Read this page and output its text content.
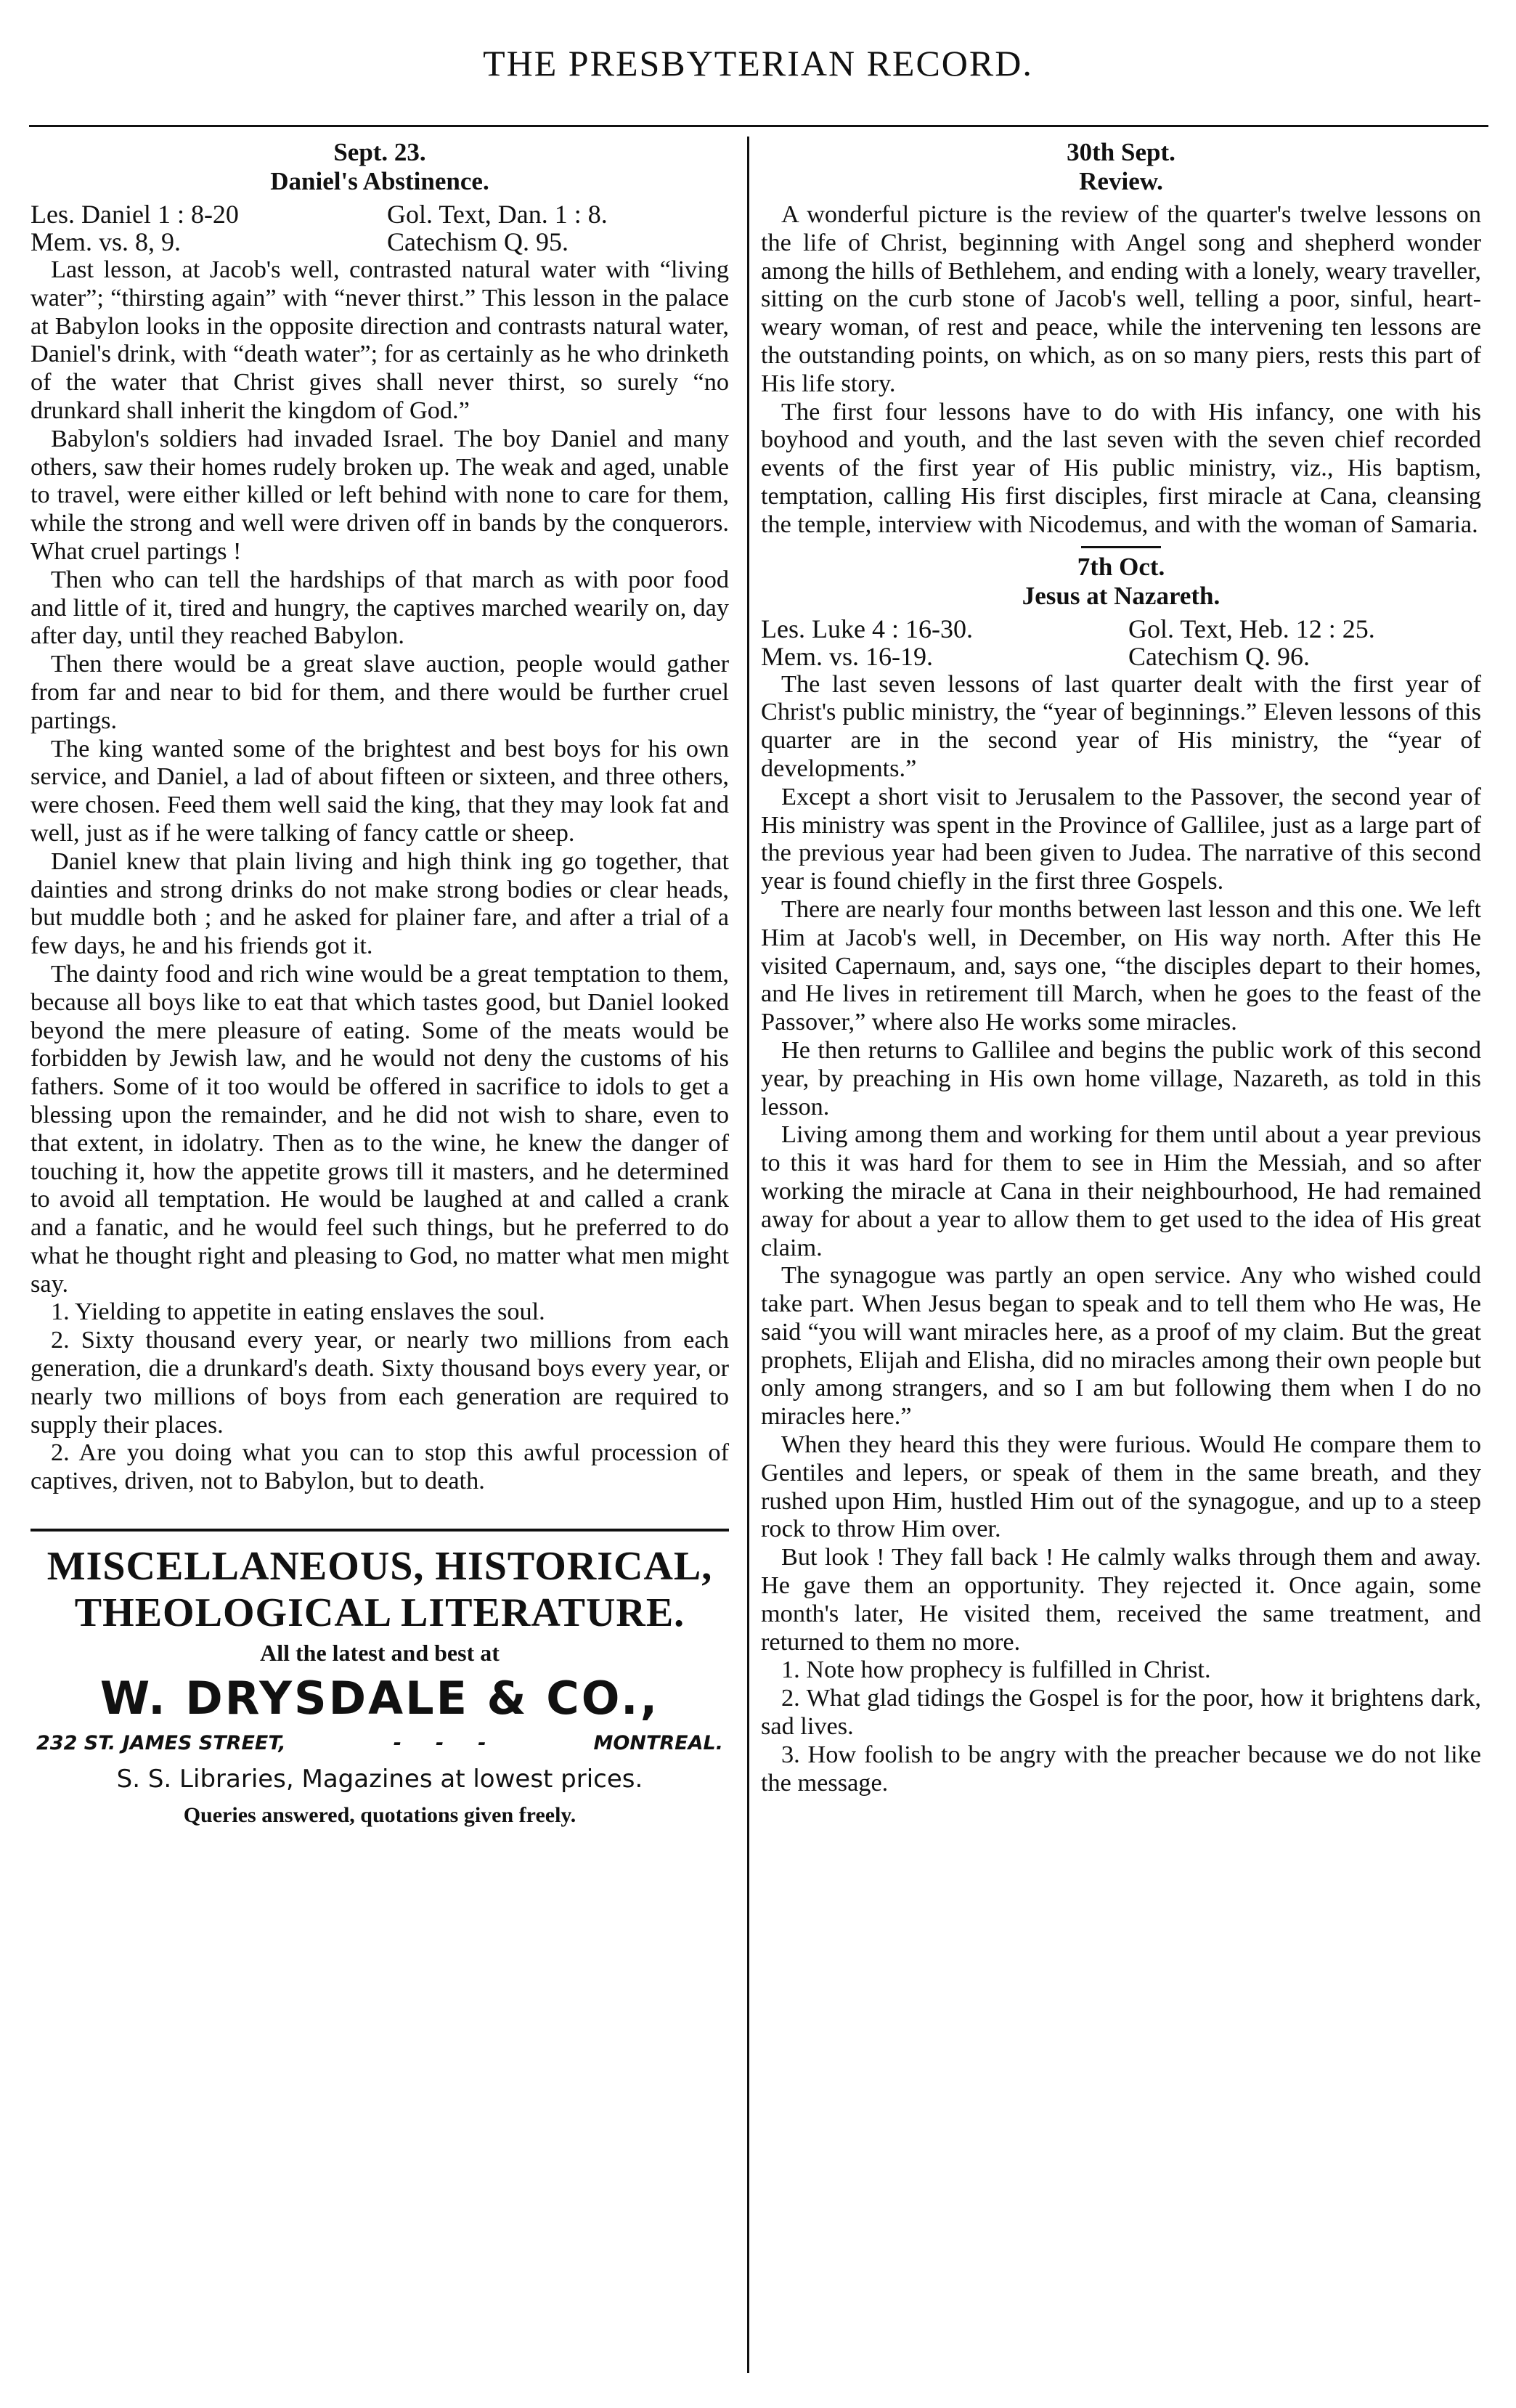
THE PRESBYTERIAN RECORD.
Sept. 23.
Daniel's Abstinence.
Les. Daniel 1 : 8-20	Gol. Text, Dan. 1 : 8.
Mem. vs. 8, 9.	Catechism Q. 95.

Last lesson, at Jacob's well, contrasted natural water with “living water”; “thirsting again” with “never thirst.” This lesson in the palace at Babylon looks in the opposite direction and contrasts natural water, Daniel's drink, with “death water”; for as certainly as he who drinketh of the water that Christ gives shall never thirst, so surely “no drunkard shall inherit the kingdom of God.”

Babylon's soldiers had invaded Israel. The boy Daniel and many others, saw their homes rudely broken up. The weak and aged, unable to travel, were either killed or left behind with none to care for them, while the strong and well were driven off in bands by the conquerors. What cruel partings !

Then who can tell the hardships of that march as with poor food and little of it, tired and hungry, the captives marched wearily on, day after day, until they reached Babylon.

Then there would be a great slave auction, people would gather from far and near to bid for them, and there would be further cruel partings.

The king wanted some of the brightest and best boys for his own service, and Daniel, a lad of about fifteen or sixteen, and three others, were chosen. Feed them well said the king, that they may look fat and well, just as if he were talking of fancy cattle or sheep.

Daniel knew that plain living and high think ing go together, that dainties and strong drinks do not make strong bodies or clear heads, but muddle both ; and he asked for plainer fare, and after a trial of a few days, he and his friends got it.

The dainty food and rich wine would be a great temptation to them, because all boys like to eat that which tastes good, but Daniel looked beyond the mere pleasure of eating. Some of the meats would be forbidden by Jewish law, and he would not deny the customs of his fathers. Some of it too would be offered in sacrifice to idols to get a blessing upon the remainder, and he did not wish to share, even to that extent, in idolatry. Then as to the wine, he knew the danger of touching it, how the appetite grows till it masters, and he determined to avoid all temptation. He would be laughed at and called a crank and a fanatic, and he would feel such things, but he preferred to do what he thought right and pleasing to God, no matter what men might say.

1. Yielding to appetite in eating enslaves the soul.

2. Sixty thousand every year, or nearly two millions from each generation, die a drunkard's death. Sixty thousand boys every year, or nearly two millions of boys from each generation are required to supply their places.

2. Are you doing what you can to stop this awful procession of captives, driven, not to Babylon, but to death.

MISCELLANEOUS, HISTORICAL,
THEOLOGICAL LITERATURE.
All the latest and best at
W. DRYSDALE & CO.,
232 ST. JAMES STREET,	-     -     -	MONTREAL.
S. S. Libraries, Magazines at lowest prices.
Queries answered, quotations given freely.
30th Sept.
Review.

A wonderful picture is the review of the quarter's twelve lessons on the life of Christ, beginning with Angel song and shepherd wonder among the hills of Bethlehem, and ending with a lonely, weary traveller, sitting on the curb stone of Jacob's well, telling a poor, sinful, heart-weary woman, of rest and peace, while the intervening ten lessons are the outstanding points, on which, as on so many piers, rests this part of His life story.

The first four lessons have to do with His infancy, one with his boyhood and youth, and the last seven with the seven chief recorded events of the first year of His public ministry, viz., His baptism, temptation, calling His first disciples, first miracle at Cana, cleansing the temple, interview with Nicodemus, and with the woman of Samaria.

7th Oct.
Jesus at Nazareth.
Les. Luke 4 : 16-30.	Gol. Text, Heb. 12 : 25.
Mem. vs. 16-19.	Catechism Q. 96.

The last seven lessons of last quarter dealt with the first year of Christ's public ministry, the “year of beginnings.” Eleven lessons of this quarter are in the second year of His ministry, the “year of developments.”

Except a short visit to Jerusalem to the Passover, the second year of His ministry was spent in the Province of Gallilee, just as a large part of the previous year had been given to Judea. The narrative of this second year is found chiefly in the first three Gospels.

There are nearly four months between last lesson and this one. We left Him at Jacob's well, in December, on His way north. After this He visited Capernaum, and, says one, “the disciples depart to their homes, and He lives in retirement till March, when he goes to the feast of the Passover,” where also He works some miracles.

He then returns to Gallilee and begins the public work of this second year, by preaching in His own home village, Nazareth, as told in this lesson.

Living among them and working for them until about a year previous to this it was hard for them to see in Him the Messiah, and so after working the miracle at Cana in their neighbourhood, He had remained away for about a year to allow them to get used to the idea of His great claim.

The synagogue was partly an open service. Any who wished could take part. When Jesus began to speak and to tell them who He was, He said “you will want miracles here, as a proof of my claim. But the great prophets, Elijah and Elisha, did no miracles among their own people but only among strangers, and so I am but following them when I do no miracles here.”

When they heard this they were furious. Would He compare them to Gentiles and lepers, or speak of them in the same breath, and they rushed upon Him, hustled Him out of the synagogue, and up to a steep rock to throw Him over.

But look ! They fall back ! He calmly walks through them and away. He gave them an opportunity. They rejected it. Once again, some month's later, He visited them, received the same treatment, and returned to them no more.

1. Note how prophecy is fulfilled in Christ.

2. What glad tidings the Gospel is for the poor, how it brightens dark, sad lives.

3. How foolish to be angry with the preacher because we do not like the message.
